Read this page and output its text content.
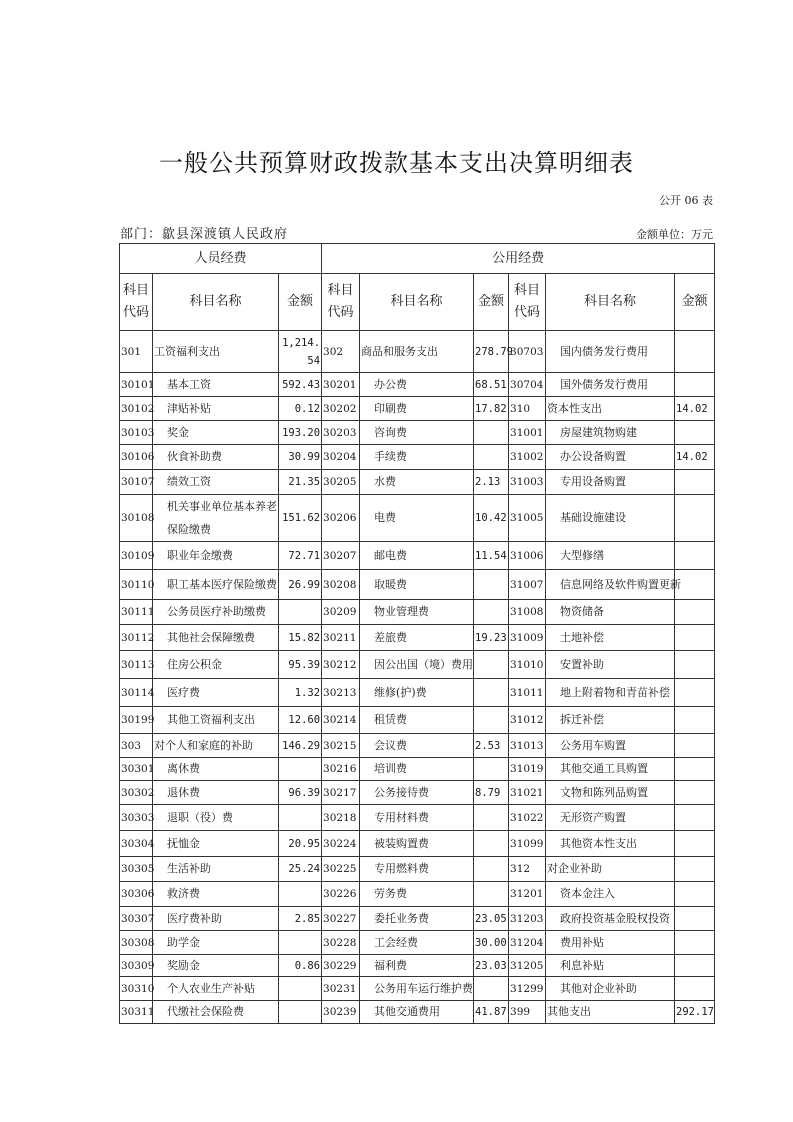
一般公共预算财政拨款基本支出决算明细表
公开 06 表
部门：歙县深渡镇人民政府	金额单位：万元
人员经费			公用经费					
科目代码	科目名称	金额	科目代码	科目名称	金额	科目代码	科目名称	金额
301	工资福利支出	1,214.54	302	商品和服务支出	278.79	30703	国内债务发行费用	
30101	基本工资	592.43	30201	办公费	68.51	30704	国外债务发行费用	
30102	津贴补贴	0.12	30202	印刷费	17.82	310	资本性支出	14.02
30103	奖金	193.20	30203	咨询费		31001	房屋建筑物购建	
30106	伙食补助费	30.99	30204	手续费		31002	办公设备购置	14.02
30107	绩效工资	21.35	30205	水费	2.13	31003	专用设备购置	
30108	机关事业单位基本养老保险缴费	151.62	30206	电费	10.42	31005	基础设施建设	
30109	职业年金缴费	72.71	30207	邮电费	11.54	31006	大型修缮	
30110	职工基本医疗保险缴费	26.99	30208	取暖费		31007	信息网络及软件购置更新	
30111	公务员医疗补助缴费		30209	物业管理费		31008	物资储备	
30112	其他社会保障缴费	15.82	30211	差旅费	19.23	31009	土地补偿	
30113	住房公积金	95.39	30212	因公出国（境）费用		31010	安置补助	
30114	医疗费	1.32	30213	维修(护)费		31011	地上附着物和青苗补偿	
30199	其他工资福利支出	12.60	30214	租赁费		31012	拆迁补偿	
303	对个人和家庭的补助	146.29	30215	会议费	2.53	31013	公务用车购置	
30301	离休费		30216	培训费		31019	其他交通工具购置	
30302	退休费	96.39	30217	公务接待费	8.79	31021	文物和陈列品购置	
30303	退职（役）费		30218	专用材料费		31022	无形资产购置	
30304	抚恤金	20.95	30224	被装购置费		31099	其他资本性支出	
30305	生活补助	25.24	30225	专用燃料费		312	对企业补助	
30306	救济费		30226	劳务费		31201	资本金注入	
30307	医疗费补助	2.85	30227	委托业务费	23.05	31203	政府投资基金股权投资	
30308	助学金		30228	工会经费	30.00	31204	费用补贴	
30309	奖励金	0.86	30229	福利费	23.03	31205	利息补贴	
30310	个人农业生产补贴		30231	公务用车运行维护费		31299	其他对企业补助	
30311	代缴社会保险费		30239	其他交通费用	41.87	399	其他支出	292.17
